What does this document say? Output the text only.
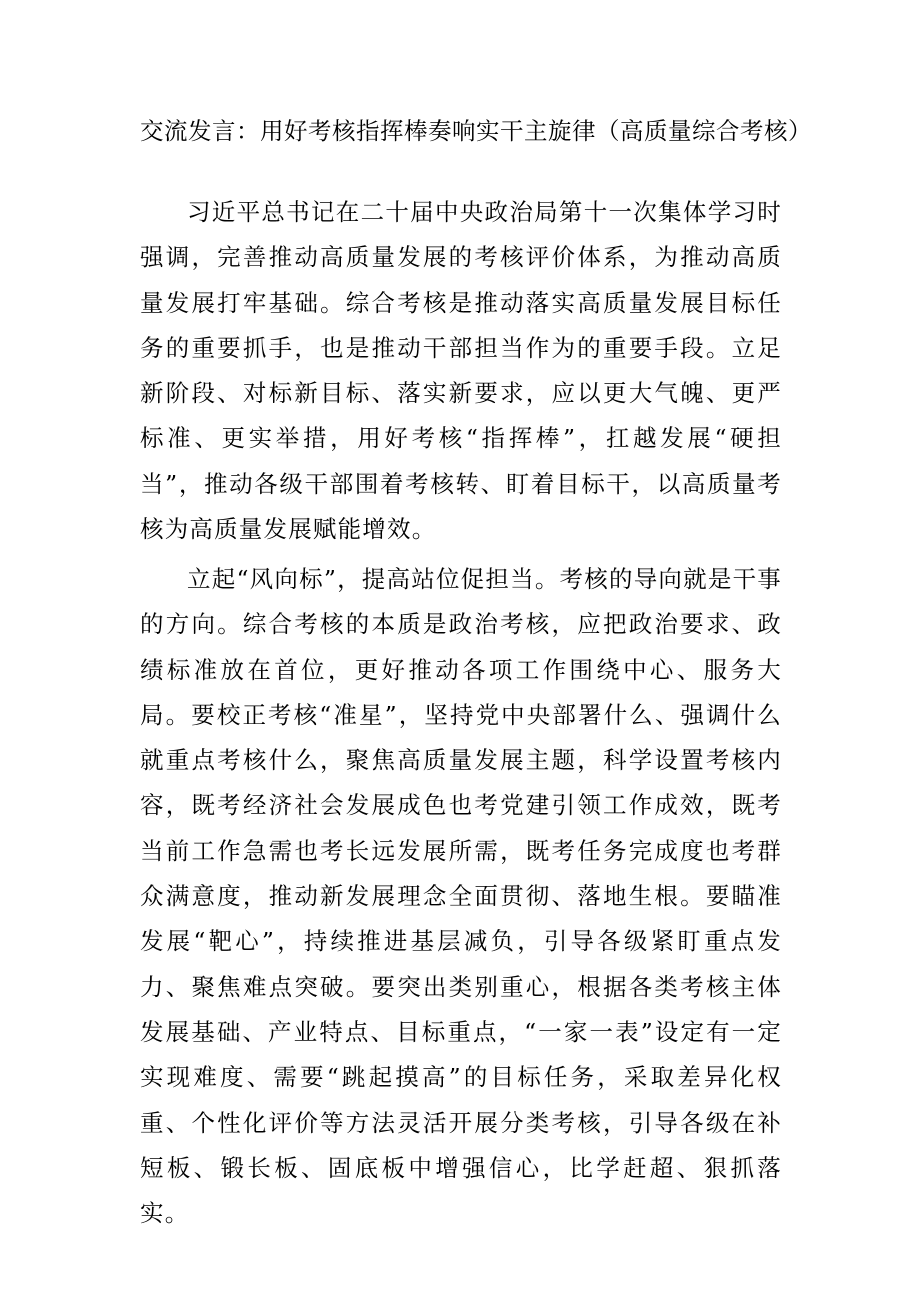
交流发言：用好考核指挥棒奏响实干主旋律（高质量综合考核）

习近平总书记在二十届中央政治局第十一次集体学习时强调，完善推动高质量发展的考核评价体系，为推动高质量发展打牢基础。综合考核是推动落实高质量发展目标任务的重要抓手，也是推动干部担当作为的重要手段。立足新阶段、对标新目标、落实新要求，应以更大气魄、更严标准、更实举措，用好考核“指挥棒”，扛越发展“硬担当”，推动各级干部围着考核转、盯着目标干，以高质量考核为高质量发展赋能增效。

立起“风向标”，提高站位促担当。考核的导向就是干事的方向。综合考核的本质是政治考核，应把政治要求、政绩标准放在首位，更好推动各项工作围绕中心、服务大局。要校正考核“准星”，坚持党中央部署什么、强调什么就重点考核什么，聚焦高质量发展主题，科学设置考核内容，既考经济社会发展成色也考党建引领工作成效，既考当前工作急需也考长远发展所需，既考任务完成度也考群众满意度，推动新发展理念全面贯彻、落地生根。要瞄准发展“靶心”，持续推进基层减负，引导各级紧盯重点发力、聚焦难点突破。要突出类别重心，根据各类考核主体发展基础、产业特点、目标重点，“一家一表”设定有一定实现难度、需要“跳起摸高”的目标任务，采取差异化权重、个性化评价等方法灵活开展分类考核，引导各级在补短板、锻长板、固底板中增强信心，比学赶超、狠抓落实。
